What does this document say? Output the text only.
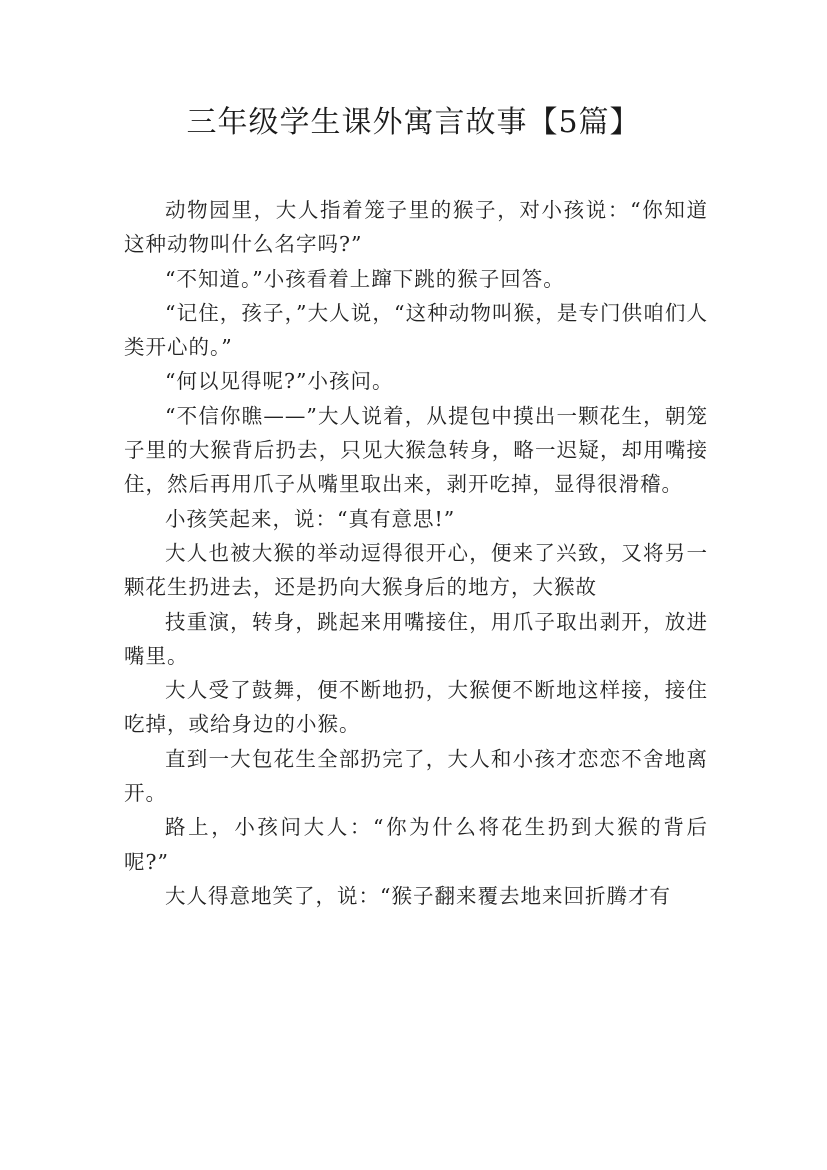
三年级学生课外寓言故事【5篇】

动物园里，大人指着笼子里的猴子，对小孩说：“你知道这种动物叫什么名字吗?”

“不知道。”小孩看着上蹿下跳的猴子回答。

“记住，孩子，”大人说，“这种动物叫猴，是专门供咱们人类开心的。”

“何以见得呢?”小孩问。

“不信你瞧——”大人说着，从提包中摸出一颗花生，朝笼子里的大猴背后扔去，只见大猴急转身，略一迟疑，却用嘴接住，然后再用爪子从嘴里取出来，剥开吃掉，显得很滑稽。

小孩笑起来，说：“真有意思!”

大人也被大猴的举动逗得很开心，便来了兴致，又将另一颗花生扔进去，还是扔向大猴身后的地方，大猴故

技重演，转身，跳起来用嘴接住，用爪子取出剥开，放进嘴里。

大人受了鼓舞，便不断地扔，大猴便不断地这样接，接住吃掉，或给身边的小猴。

直到一大包花生全部扔完了，大人和小孩才恋恋不舍地离开。

路上，小孩问大人：“你为什么将花生扔到大猴的背后呢?”

大人得意地笑了，说：“猴子翻来覆去地来回折腾才有
